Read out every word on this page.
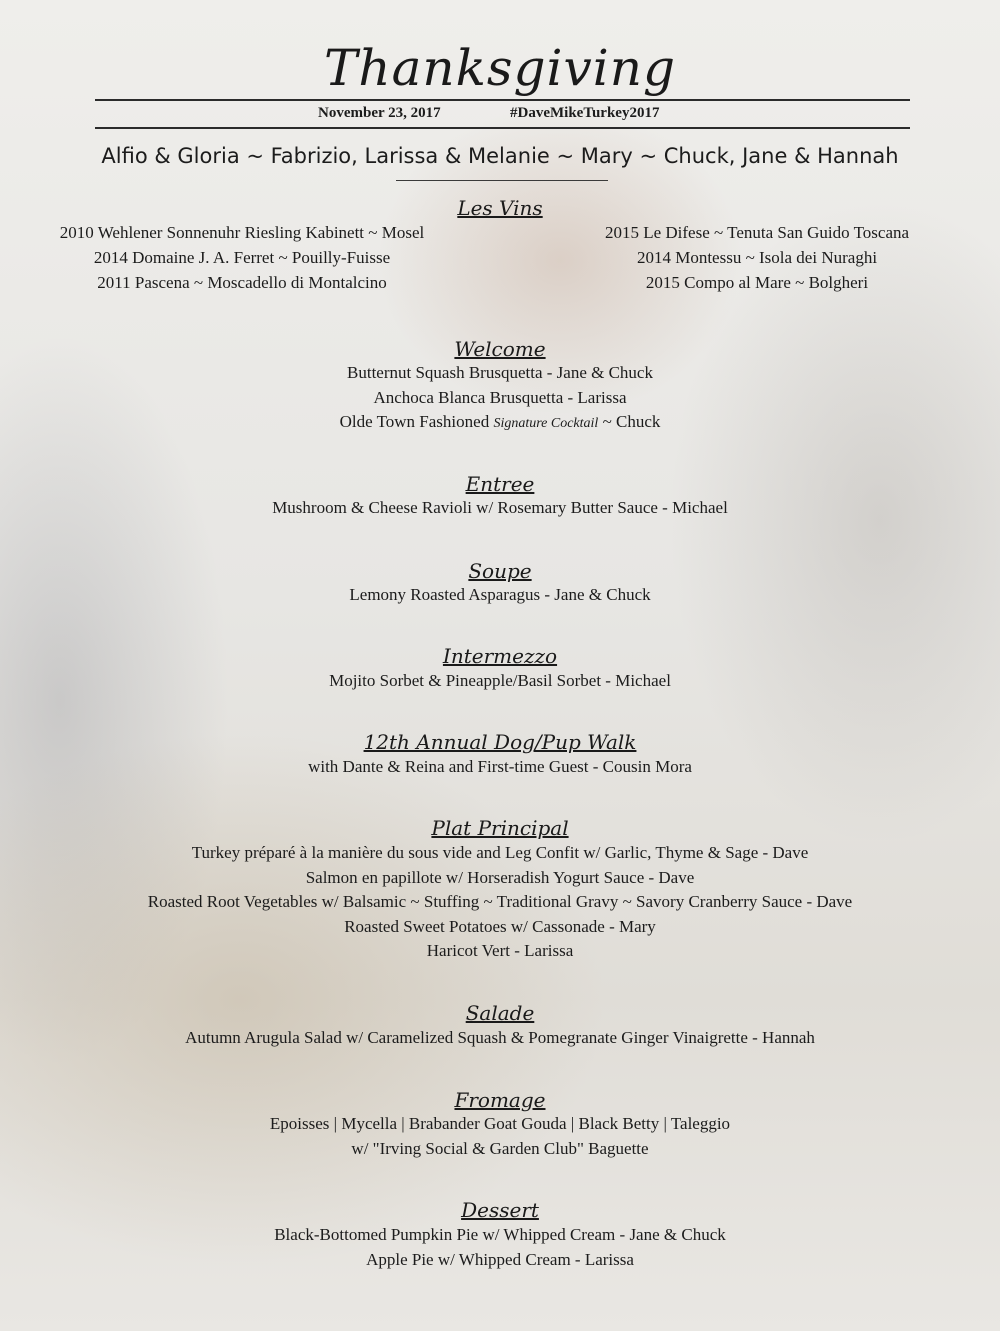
Thanksgiving
November 23, 2017	#DaveMikeTurkey2017
Alfio & Gloria ~ Fabrizio, Larissa & Melanie ~ Mary ~ Chuck, Jane & Hannah
Les Vins
2010 Wehlener Sonnenuhr Riesling Kabinett ~ Mosel
2014 Domaine J. A. Ferret ~ Pouilly-Fuisse
2011 Pascena ~ Moscadello di Montalcino
2015 Le Difese ~ Tenuta San Guido Toscana
2014 Montessu ~ Isola dei Nuraghi
2015 Compo al Mare ~ Bolgheri
Welcome
Butternut Squash Brusquetta - Jane & Chuck
Anchoca Blanca Brusquetta - Larissa
Olde Town Fashioned Signature Cocktail ~ Chuck
Entree
Mushroom & Cheese Ravioli w/ Rosemary Butter Sauce - Michael
Soupe
Lemony Roasted Asparagus - Jane & Chuck
Intermezzo
Mojito Sorbet & Pineapple/Basil Sorbet - Michael
12th Annual Dog/Pup Walk
with Dante & Reina and First-time Guest - Cousin Mora
Plat Principal
Turkey préparé à la manière du sous vide and Leg Confit w/ Garlic, Thyme & Sage - Dave
Salmon en papillote w/ Horseradish Yogurt Sauce - Dave
Roasted Root Vegetables w/ Balsamic ~ Stuffing ~ Traditional Gravy ~ Savory Cranberry Sauce - Dave
Roasted Sweet Potatoes w/ Cassonade - Mary
Haricot Vert - Larissa
Salade
Autumn Arugula Salad w/ Caramelized Squash & Pomegranate Ginger Vinaigrette - Hannah
Fromage
Epoisses | Mycella | Brabander Goat Gouda | Black Betty | Taleggio
w/ "Irving Social & Garden Club" Baguette
Dessert
Black-Bottomed Pumpkin Pie w/ Whipped Cream - Jane & Chuck
Apple Pie w/ Whipped Cream - Larissa
